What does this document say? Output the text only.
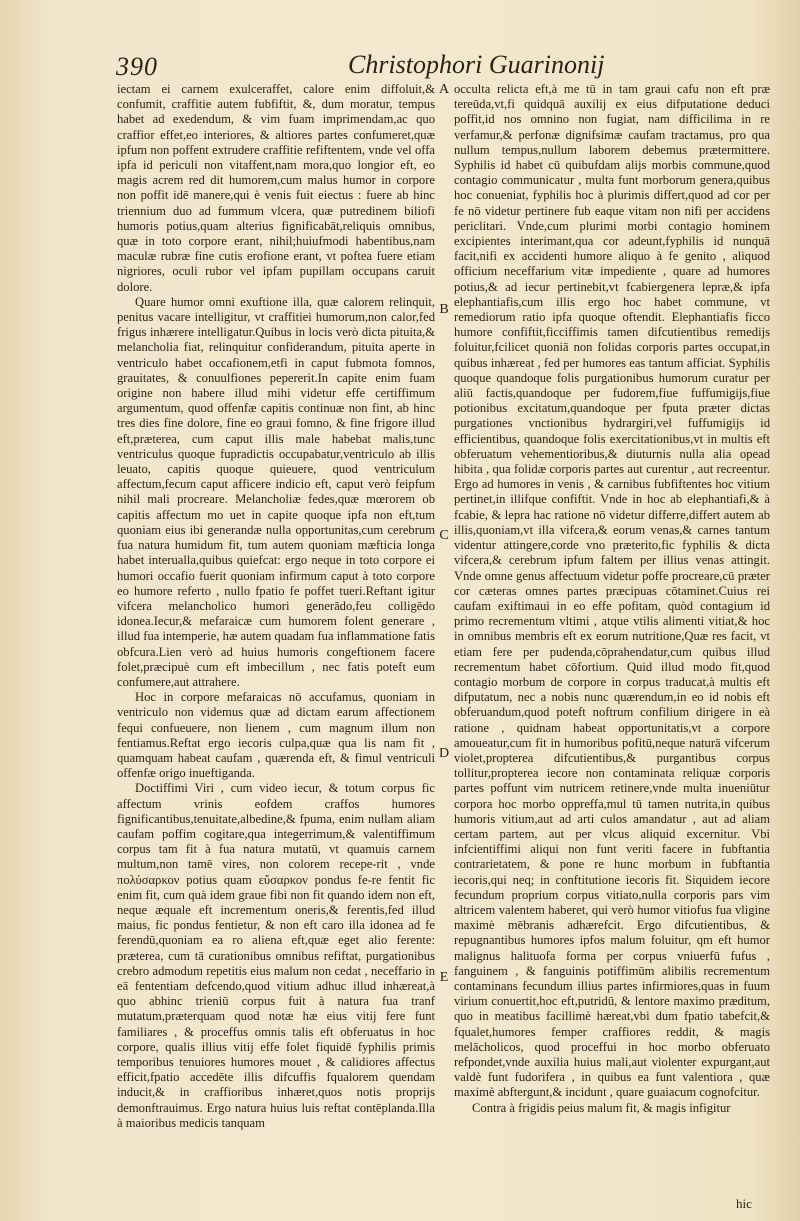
390	Christophori Guarinonij

iectam ei carnem exulceraffet, calore enim diffoluit,& confumit, craffitie autem fubfiftit, &, dum moratur, tempus habet ad exedendum, & vim fuam imprimendam,ac quo craffior effet,eo interiores, & altiores partes confumeret,quæ ipfum non poffent extrudere craffitie refiftentem, vnde vel offa ipfa id periculi non vitaffent,nam mora,quo longior eft, eo magis acrem red dit humorem,cum malus humor in corpore non poffit idē manere,qui è venis fuit eiectus : fuere ab hinc triennium duo ad fummum vlcera, quæ putredinem biliofi humoris potius,quam alterius fignificabāt,reliquis omnibus, quæ in toto corpore erant, nihil;huiufmodi habentibus,nam maculæ rubræ fine cutis erofione erant, vt poftea fuere etiam nigriores, oculi rubor vel ipfam pupillam occupans caruit dolore.

Quare humor omni exuftione illa, quæ calorem relinquit, penitus vacare intelligitur, vt craffitiei humorum,non calor,fed frigus inhærere intelligatur.Quibus in locis verò dicta pituita,& melancholia fiat, relinquitur confiderandum, pituita aperte in ventriculo habet occafionem,etfi in caput fubmota fomnos, grauitates, & conuulfiones pepererit.In capite enim fuam origine non habere illud mihi videtur effe certiffimum argumentum, quod offenfæ capitis continuæ non fint, ab hinc tres dies fine dolore, fine eo graui fomno, & fine frigore illud eft,præterea, cum caput illis male habebat malis,tunc ventriculus quoque fupradictis occupabatur,ventriculo ab illis leuato, capitis quoque quieuere, quod ventriculum affectum,fecum caput afficere indicio eft, caput verò feipfum nihil mali procreare. Melancholiæ fedes,quæ mœrorem ob capitis affectum mo uet in capite quoque ipfa non eft,tum quoniam eius ibi generandæ nulla opportunitas,cum cerebrum fua natura humidum fit, tum autem quoniam mæfticia longa habet interualla,quibus quiefcat: ergo neque in toto corpore ei humori occafio fuerit quoniam infirmum caput à toto corpore eo humore referto , nullo fpatio fe poffet tueri.Reftant igitur vifcera melancholico humori generādo,feu colligēdo idonea.Iecur,& mefaraicæ cum humorem folent generare , illud fua intemperie, hæ autem quadam fua inflammatione fatis obfcura.Lien verò ad huius humoris congeftionem facere folet,præcipuè cum eft imbecillum , nec fatis poteft eum confumere,aut attrahere.

Hoc in corpore mefaraicas nō accufamus, quoniam in ventriculo non videmus quæ ad dictam earum affectionem fequi confueuere, non lienem , cum magnum illum non fentiamus.Reftat ergo iecoris culpa,quæ qua lis nam fit , quamquam habeat caufam , quærenda eft, & fimul ventriculi offenfæ origo inueftiganda.

Doctiffimi Viri , cum video iecur, & totum corpus fic affectum vrinis eofdem craffos humores fignificantibus,tenuitate,albedine,& fpuma, enim nullam aliam caufam poffim cogitare,qua integerrimum,& valentiffimum corpus tam fit à fua natura mutatū, vt quamuis carnem multum,non tamē vires, non colorem recepe-rit , vnde πολύσαρκον potius quam εὔσαρκον pondus fe-re fentit fic enim fit, cum quà idem graue fibi non fit quando idem non eft, neque æquale eft incrementum oneris,& ferentis,fed illud maius, fic pondus fentietur, & non eft caro illa idonea ad fe ferendū,quoniam ea ro aliena eft,quæ eget alio ferente: præterea, cum tā curationibus omnibus refiftat, purgationibus crebro admodum repetitis eius malum non cedat , neceffario in eā fententiam defcendo,quod vitium adhuc illud inhæreat,à quo abhinc trieniū corpus fuit à natura fua tranf mutatum,præterquam quod notæ hæ eius vitij fere funt familiares , & proceffus omnis talis eft obferuatus in hoc corpore, qualis illius vitij effe folet fiquidē fyphilis primis temporibus tenuiores humores mouet , & calidiores affectus efficit,fpatio accedēte illis difcuffis fqualorem quendam inducit,& in craffioribus inhæret,quos notis proprijs demonftrauimus. Ergo natura huius luis reftat contēplanda.Illa à maioribus medicis tanquam

A
B
C
D
E

occulta relicta eft,à me tū in tam graui cafu non eft præ tereūda,vt,fi quidquā auxilij ex eius difputatione deduci poffit,id nos omnino non fugiat, nam difficilima in re verfamur,& perfonæ dignifsimæ caufam tractamus, pro qua nullum tempus,nullum laborem debemus prætermittere. Syphilis id habet cū quibufdam alijs morbis commune,quod contagio communicatur , multa funt morborum genera,quibus hoc conueniat, fyphilis hoc à plurimis differt,quod ad cor per fe nō videtur pertinere fub eaque vitam non nifi per accidens periclitari. Vnde,cum plurimi morbi contagio hominem excipientes interimant,qua cor adeunt,fyphilis id nunquā facit,nifi ex accidenti humore aliquo à fe genito , aliquod officium neceffarium vitæ impediente , quare ad humores potius,& ad iecur pertinebit,vt fcabiergenera lepræ,& ipfa elephantiafis,cum illis ergo hoc habet commune, vt remediorum ratio ipfa quoque oftendit. Elephantiafis ficco humore confiftit,ficciffimis tamen difcutientibus remedijs foluitur,fcilicet quoniā non folidas corporis partes occupat,in quibus inhæreat , fed per humores eas tantum afficiat. Syphilis quoque quandoque folis purgationibus humorum curatur per aliū factis,quandoque per fudorem,fiue fuffumigijs,fiue potionibus excitatum,quandoque per fputa præter dictas purgationes vnctionibus hydrargiri,vel fuffumigijs id efficientibus, quandoque folis exercitationibus,vt in multis eft obferuatum vehementioribus,& diuturnis nulla alia opead hibita , qua folidæ corporis partes aut curentur , aut recreentur. Ergo ad humores in venis , & carnibus fubfiftentes hoc vitium pertinet,in illifque confiftit. Vnde in hoc ab elephantiafi,& à fcabie, & lepra hac ratione nō videtur differre,differt autem ab illis,quoniam,vt illa vifcera,& eorum venas,& carnes tantum videntur attingere,corde vno præterito,fic fyphilis & dicta vifcera,& cerebrum ipfum faltem per illius venas attingit. Vnde omne genus affectuum videtur poffe procreare,cū præter cor cæteras omnes partes præcipuas cōtaminet.Cuius rei caufam exiftimaui in eo effe pofitam, quòd contagium id primo recrementum vltimi , atque vtilis alimenti vitiat,& hoc in omnibus membris eft ex eorum nutritione,Quæ res facit, vt etiam fere per pudenda,cōprahendatur,cum quibus illud recrementum habet cōfortium. Quid illud modo fit,quod contagio morbum de corpore in corpus traducat,à multis eft difputatum, nec a nobis nunc quærendum,in eo id nobis eft obferuandum,quod poteft noftrum confilium dirigere in eà ratione , quidnam habeat opportunitatis,vt a corpore amoueatur,cum fit in humoribus pofitū,neque naturā vifcerum violet,propterea difcutientibus,& purgantibus corpus tollitur,propterea iecore non contaminata reliquæ corporis partes poffunt vim nutricem retinere,vnde multa inueniūtur corpora hoc morbo oppreffa,mul tū tamen nutrita,in quibus humoris vitium,aut ad arti culos amandatur , aut ad aliam certam partem, aut per vlcus aliquid excernitur. Vbi infcientiffimi aliqui non funt veriti facere in fubftantia contrarietatem, & pone re hunc morbum in fubftantia iecoris,qui neq; in conftitutione iecoris fit. Siquidem iecore fecundum proprium corpus vitiato,nulla corporis pars vim altricem valentem haberet, qui verò humor vitiofus fua vligine maximè mēbranis adhærefcit. Ergo difcutientibus, & repugnantibus humores ipfos malum foluitur, qm eft humor malignus halituofa forma per corpus vniuerfū fufus , fanguinem , & fanguinis potiffimūm alibilis recrementum contaminans fecundum illius partes infirmiores,quas in fuum virium conuertit,hoc eft,putridū, & lentore maximo præditum, quo in meatibus facillimè hæreat,vbi dum fpatio tabefcit,& fqualet,humores femper craffiores reddit, & magis melācholicos, quod proceffui in hoc morbo obferuato refpondet,vnde auxilia huius mali,aut violenter expurgant,aut valdè funt fudorifera , in quibus ea funt valentiora , quæ maximè abftergunt,& incidunt , quare guaiacum cognofcitur.

Contra à frigidis peius malum fit, & magis infigitur

hic
